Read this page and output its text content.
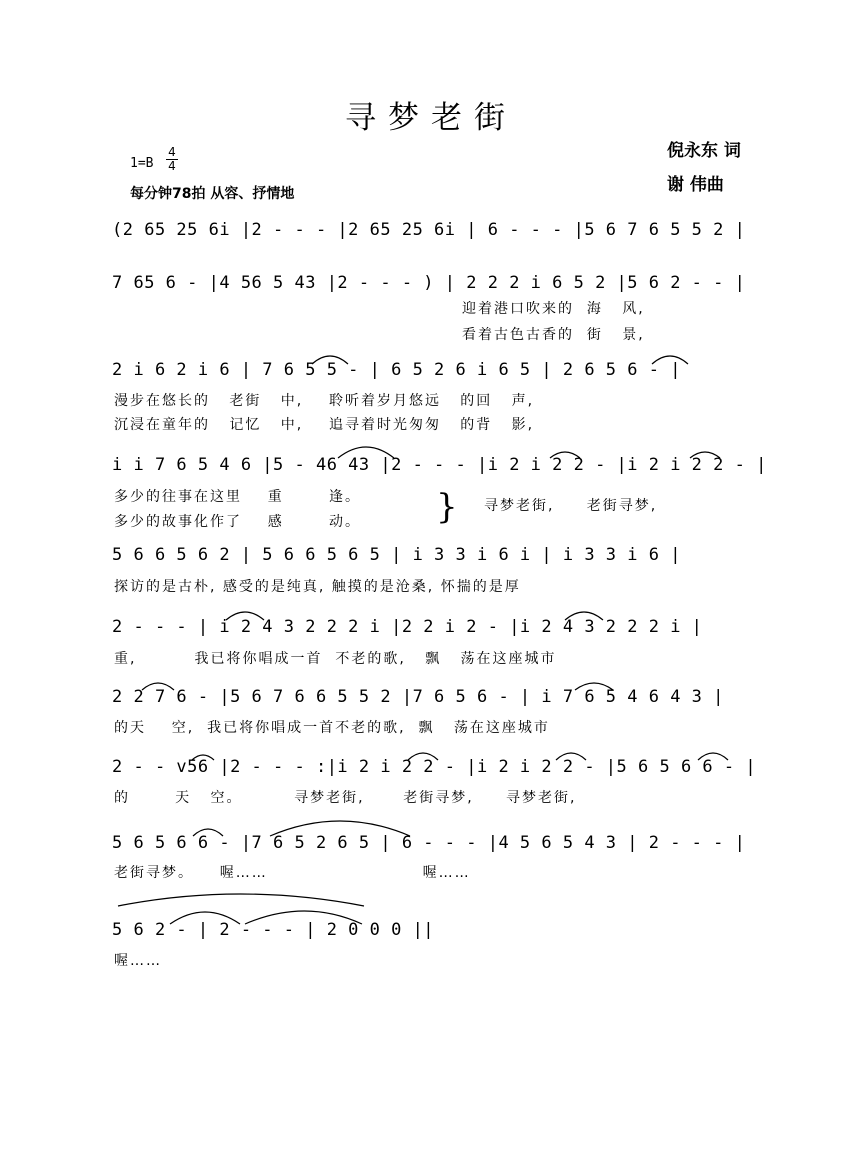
寻梦老街
倪永东 词
谢 伟曲
$1=B \frac{4}{4}$
每分钟78拍 从容、抒情地
(2 65 25 6i |2 - - - |2 65 25 6i | 6 - - - |5 6 7 6 5 5 2 |
7 65 6 - |4 56 5 43 |2 - - - ) | 2 2 2 i 6 5 2 |5 6 2 - - |
迎着港口吹来的  海   风,
看着古色古香的  街   景,
2 i 6 2 i 6 | 7 6 5 5 - | 6 5 2 6 i 6 5 | 2 6 5 6 - |
漫步在悠长的   老街   中,    聆听着岁月悠远   的回   声,
沉浸在童年的   记忆   中,    追寻着时光匆匆   的背   影,
i i 7 6 5 4 6 |5 - 46 43 |2 - - - |i 2 i 2 2 - |i 2 i 2 2 - |
多少的往事在这里    重       逢。
多少的故事化作了    感       动。 } 寻梦老街,     老街寻梦,
5 6 6 5 6 2 | 5 6 6 5 6 5 | i 3 3 i 6 i | i 3 3 i 6 |
探访的是古朴, 感受的是纯真, 触摸的是沧桑, 怀揣的是厚
2 - - - | i 2 4 3 2 2 2 i |2 2 i 2 - |i 2 4 3 2 2 2 i |
重,         我已将你唱成一首  不老的歌,   飘   荡在这座城市
2 2 7 6 - |5 6 7 6 6 5 5 2 |7 6 5 6 - | i 7 6 5 4 6 4 3 |
的天    空,  我已将你唱成一首不老的歌,  飘   荡在这座城市
2 - - v56 |2 - - - :|i 2 i 2 2 - |i 2 i 2 2 - |5 6 5 6 6 - |
的       天   空。        寻梦老街,      老街寻梦,     寻梦老街,
5 6 5 6 6 - |7 6 5 2 6 5 | 6 - - - |4 5 6 5 4 3 | 2 - - - |
老街寻梦。    喔……                        喔……
5 6 2 - | 2 - - - | 2 0 0 0 ||
喔……
